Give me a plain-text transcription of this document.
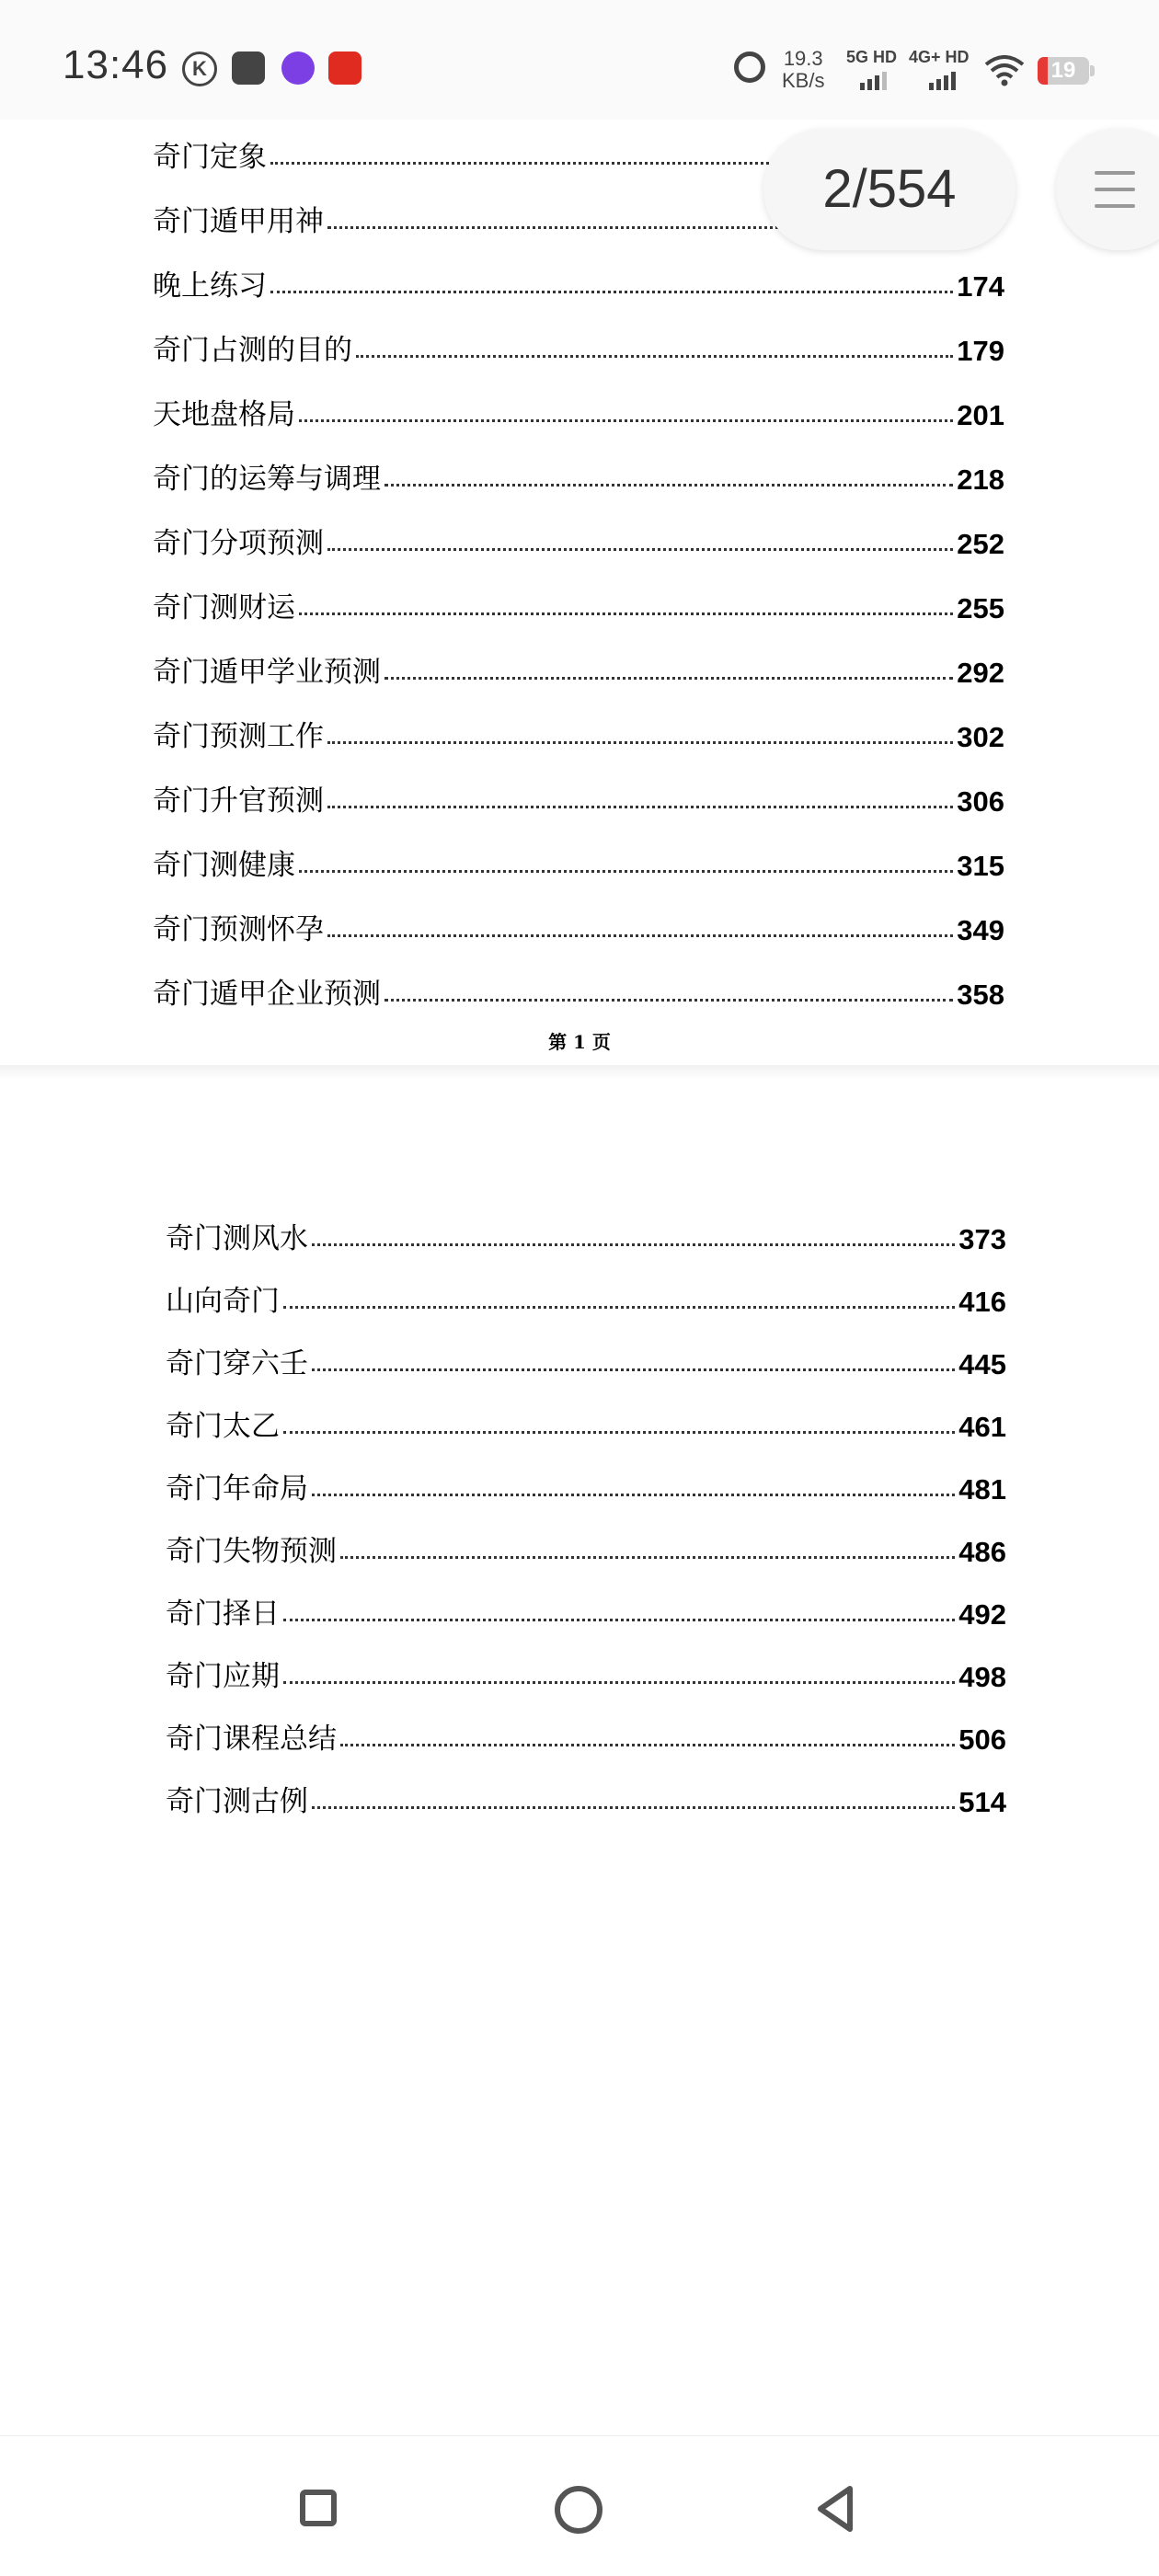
13:46	K	19.3
KB/s
5G HD 4G+ HD
19
奇门定象
奇门遁甲用神
晚上练习	174
奇门占测的目的	179
天地盘格局	201
奇门的运筹与调理	218
奇门分项预测	252
奇门测财运	255
奇门遁甲学业预测	292
奇门预测工作	302
奇门升官预测	306
奇门测健康	315
奇门预测怀孕	349
奇门遁甲企业预测	358
第 1 页
奇门测风水	373
山向奇门	416
奇门穿六壬	445
奇门太乙	461
奇门年命局	481
奇门失物预测	486
奇门择日	492
奇门应期	498
奇门课程总结	506
奇门测古例	514
2/554
